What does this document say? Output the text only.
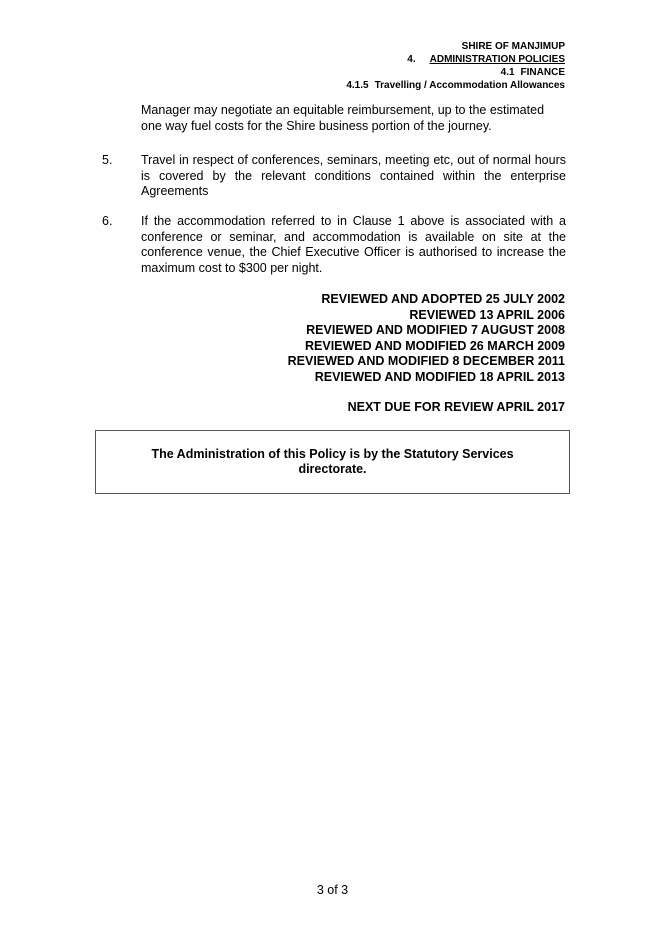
SHIRE OF MANJIMUP
4. ADMINISTRATION POLICIES
4.1 FINANCE
4.1.5 Travelling / Accommodation Allowances
Manager may negotiate an equitable reimbursement, up to the estimated one way fuel costs for the Shire business portion of the journey.
5. Travel in respect of conferences, seminars, meeting etc, out of normal hours is covered by the relevant conditions contained within the enterprise Agreements
6. If the accommodation referred to in Clause 1 above is associated with a conference or seminar, and accommodation is available on site at the conference venue, the Chief Executive Officer is authorised to increase the maximum cost to $300 per night.
REVIEWED AND ADOPTED 25 JULY 2002
REVIEWED 13 APRIL 2006
REVIEWED AND MODIFIED 7 AUGUST 2008
REVIEWED AND MODIFIED 26 MARCH 2009
REVIEWED AND MODIFIED 8 DECEMBER 2011
REVIEWED AND MODIFIED 18 APRIL 2013
NEXT DUE FOR REVIEW APRIL 2017
The Administration of this Policy is by the Statutory Services directorate.
3 of 3
